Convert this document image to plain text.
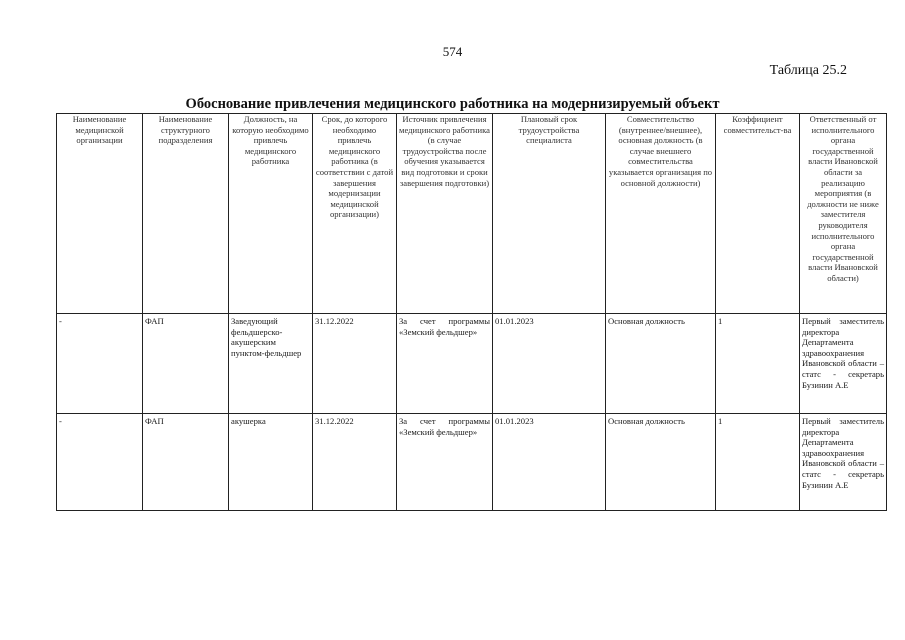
574
Таблица 25.2
Обоснование привлечения медицинского работника на модернизируемый объект
Наименование медицинской организации	Наименование структурного подразделения	Должность, на которую необходимо привлечь медицинского работника	Срок, до которого необходимо привлечь медицинского работника (в соответствии с датой завершения модернизации медицинской организации)	Источник привлечения медицинского работника (в случае трудоустройства после обучения указывается вид подготовки и сроки завершения подготовки)	Плановый срок трудоустройства специалиста	Совместительство (внутреннее/внешнее), основная должность (в случае внешнего совместительства указывается организация по основной должности)	Коэффициент совместительст-ва	Ответственный от исполнительного органа государственной власти Ивановской области за реализацию мероприятия (в должности не ниже заместителя руководителя исполнительного органа государственной власти Ивановской области)
-	ФАП	Заведующий фельдшерско-акушерским пунктом-фельдшер	31.12.2022	За счет программы «Земский фельдшер»	01.01.2023	Основная должность	1	Первый заместитель директора Департамента здравоохранения Ивановской области – статс - секретарь Бузинин А.Е
-	ФАП	акушерка	31.12.2022	За счет программы «Земский фельдшер»	01.01.2023	Основная должность	1	Первый заместитель директора Департамента здравоохранения Ивановской области – статс - секретарь Бузинин А.Е
